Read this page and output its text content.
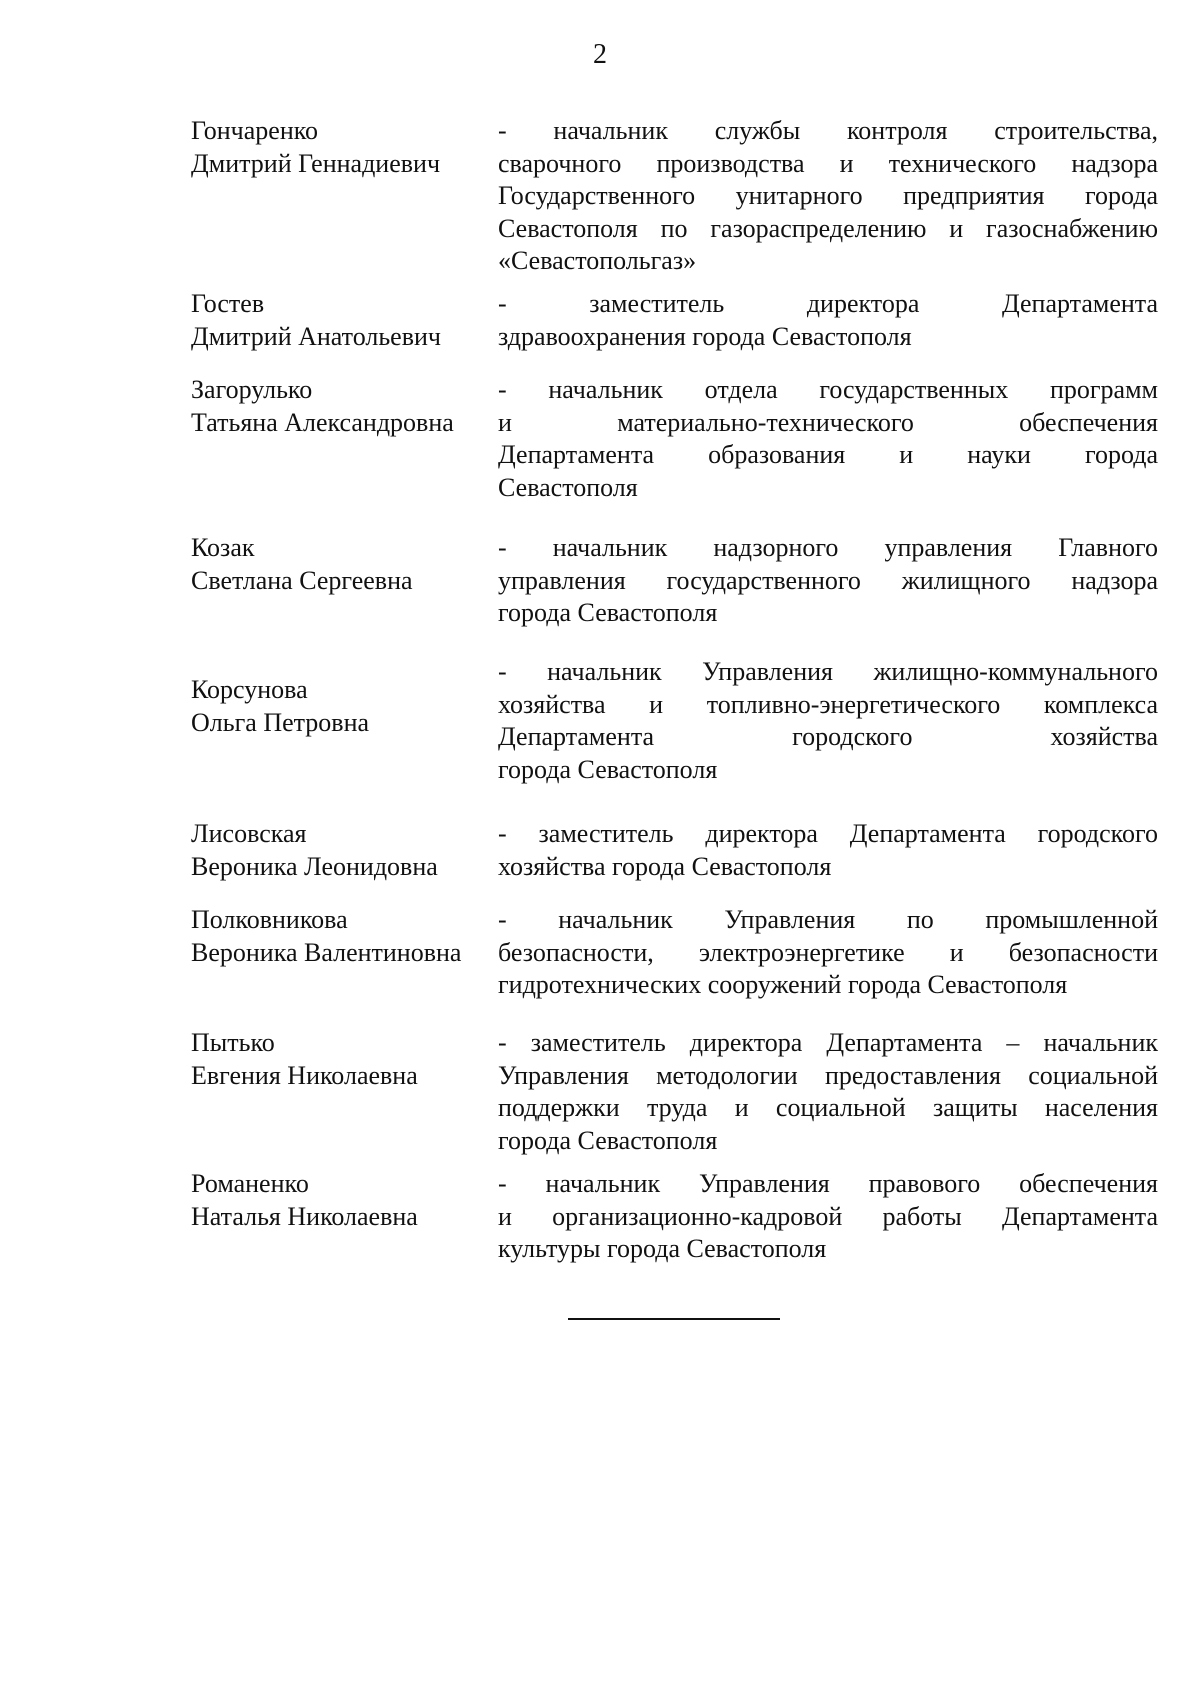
2
Гончаренко
Дмитрий Геннадиевич
- начальник службы контроля строительства,
сварочного производства и технического надзора
Государственного унитарного предприятия города
Севастополя по газораспределению и газоснабжению
«Севастопольгаз»
Гостев
Дмитрий Анатольевич
- заместитель директора Департамента
здравоохранения города Севастополя
Загорулько
Татьяна Александровна
- начальник отдела государственных программ
и материально-технического обеспечения
Департамента образования и науки города
Севастополя
Козак
Светлана Сергеевна
- начальник надзорного управления Главного
управления государственного жилищного надзора
города Севастополя
Корсунова
Ольга Петровна
- начальник Управления жилищно-коммунального
хозяйства и топливно-энергетического комплекса
Департамента городского хозяйства
города Севастополя
Лисовская
Вероника Леонидовна
- заместитель директора Департамента городского
хозяйства города Севастополя
Полковникова
Вероника Валентиновна
- начальник Управления по промышленной
безопасности, электроэнергетике и безопасности
гидротехнических сооружений города Севастополя
Пытько
Евгения Николаевна
- заместитель директора Департамента – начальник
Управления методологии предоставления социальной
поддержки труда и социальной защиты населения
города Севастополя
Романенко
Наталья Николаевна
- начальник Управления правового обеспечения
и организационно-кадровой работы Департамента
культуры города Севастополя
